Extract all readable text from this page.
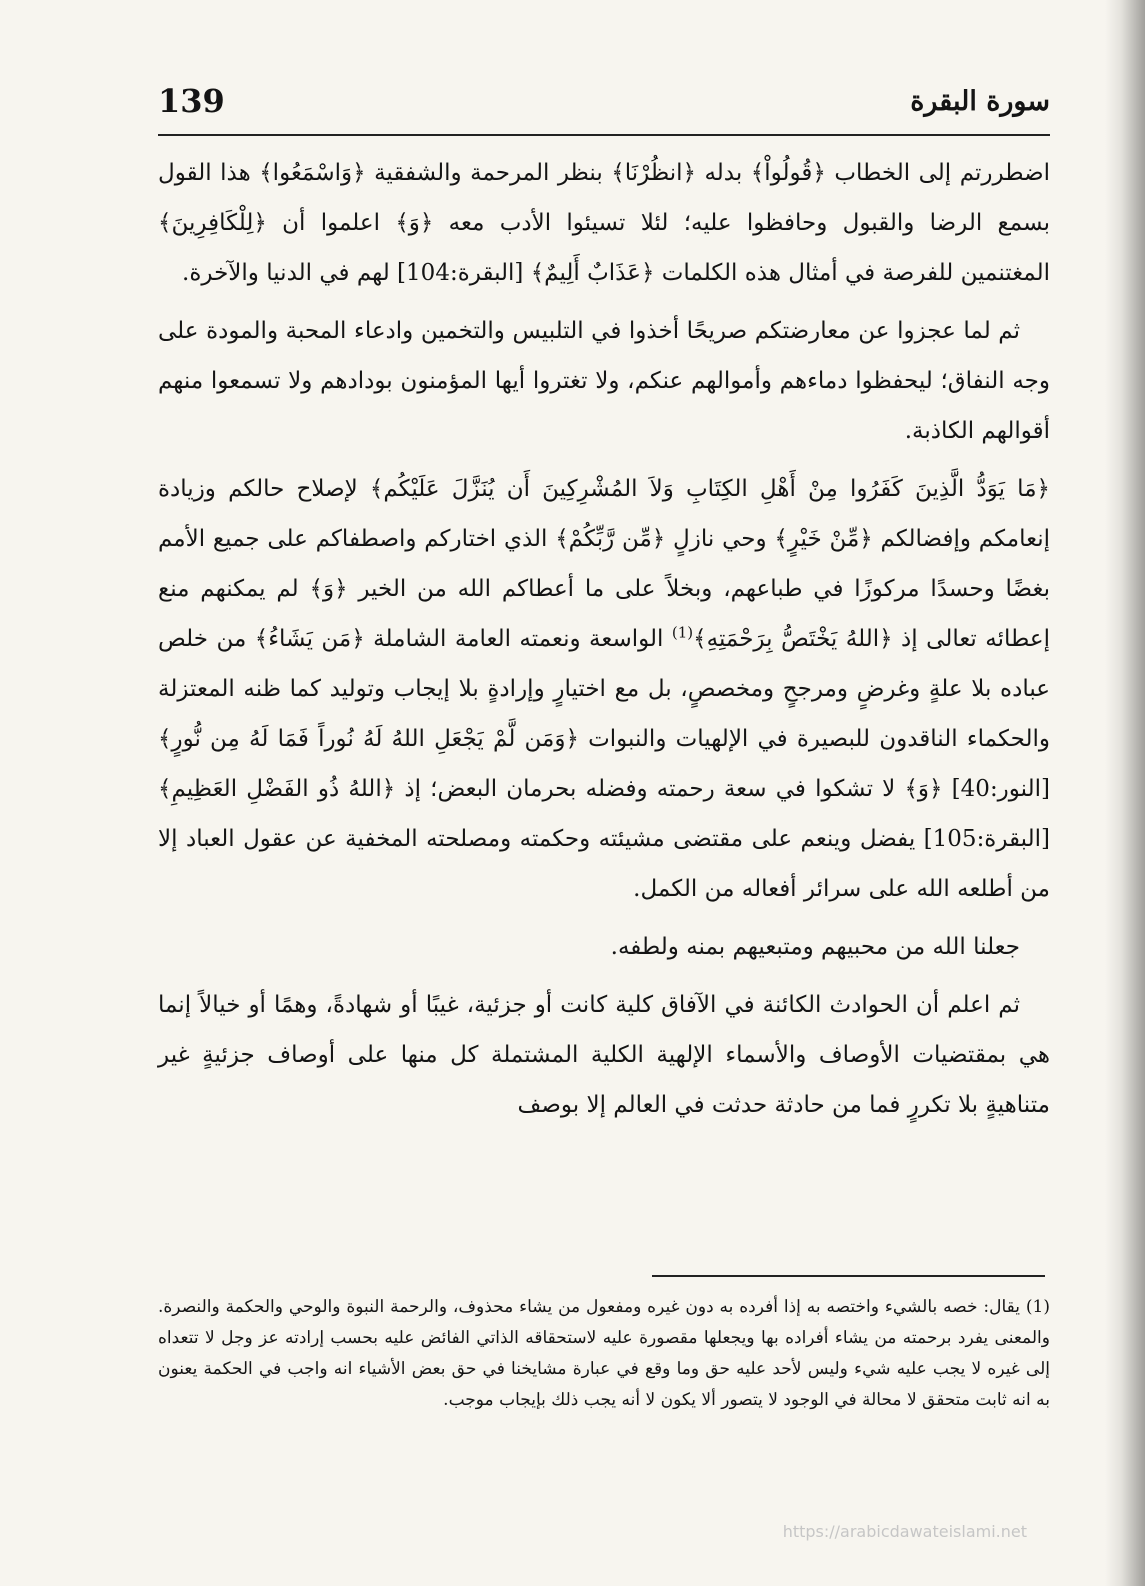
139	سورة البقرة

اضطررتم إلى الخطاب ﴿قُولُواْ﴾ بدله ﴿انظُرْنَا﴾ بنظر المرحمة والشفقية ﴿وَاسْمَعُوا﴾ هذا القول بسمع الرضا والقبول وحافظوا عليه؛ لئلا تسيئوا الأدب معه ﴿وَ﴾ اعلموا أن ﴿لِلْكَافِرِينَ﴾ المغتنمين للفرصة في أمثال هذه الكلمات ﴿عَذَابٌ أَلِيمٌ﴾ [البقرة:104] لهم في الدنيا والآخرة.

ثم لما عجزوا عن معارضتكم صريحًا أخذوا في التلبيس والتخمين وادعاء المحبة والمودة على وجه النفاق؛ ليحفظوا دماءهم وأموالهم عنكم، ولا تغتروا أيها المؤمنون بودادهم ولا تسمعوا منهم أقوالهم الكاذبة.

﴿مَا يَوَدُّ الَّذِينَ كَفَرُوا مِنْ أَهْلِ الكِتَابِ وَلاَ المُشْرِكِينَ أَن يُنَزَّلَ عَلَيْكُم﴾ لإصلاح حالكم وزيادة إنعامكم وإفضالكم ﴿مِّنْ خَيْرٍ﴾ وحي نازلٍ ﴿مِّن رَّبِّكُمْ﴾ الذي اختاركم واصطفاكم على جميع الأمم بغضًا وحسدًا مركوزًا في طباعهم، وبخلاً على ما أعطاكم الله من الخير ﴿وَ﴾ لم يمكنهم منع إعطائه تعالى إذ ﴿اللهُ يَخْتَصُّ بِرَحْمَتِهِ﴾$^{(1)}$ الواسعة ونعمته العامة الشاملة ﴿مَن يَشَاءُ﴾ من خلص عباده بلا علةٍ وغرضٍ ومرجحٍ ومخصصٍ، بل مع اختيارٍ وإرادةٍ بلا إيجاب وتوليد كما ظنه المعتزلة والحكماء الناقدون للبصيرة في الإلهيات والنبوات ﴿وَمَن لَّمْ يَجْعَلِ اللهُ لَهُ نُوراً فَمَا لَهُ مِن نُّورٍ﴾ [النور:40] ﴿وَ﴾ لا تشكوا في سعة رحمته وفضله بحرمان البعض؛ إذ ﴿اللهُ ذُو الفَضْلِ العَظِيمِ﴾ [البقرة:105] يفضل وينعم على مقتضى مشيئته وحكمته ومصلحته المخفية عن عقول العباد إلا من أطلعه الله على سرائر أفعاله من الكمل.

جعلنا الله من محبيهم ومتبعيهم بمنه ولطفه.

ثم اعلم أن الحوادث الكائنة في الآفاق كلية كانت أو جزئية، غيبًا أو شهادةً، وهمًا أو خيالاً إنما هي بمقتضيات الأوصاف والأسماء الإلهية الكلية المشتملة كل منها على أوصاف جزئيةٍ غير متناهيةٍ بلا تكررٍ فما من حادثة حدثت في العالم إلا بوصف

(1) يقال: خصه بالشيء واختصه به إذا أفرده به دون غيره ومفعول من يشاء محذوف، والرحمة النبوة والوحي والحكمة والنصرة. والمعنى يفرد برحمته من يشاء أفراده بها ويجعلها مقصورة عليه لاستحقاقه الذاتي الفائض عليه بحسب إرادته عز وجل لا تتعداه إلى غيره لا يجب عليه شيء وليس لأحد عليه حق وما وقع في عبارة مشايخنا في حق بعض الأشياء انه واجب في الحكمة يعنون به انه ثابت متحقق لا محالة في الوجود لا يتصور ألا يكون لا أنه يجب ذلك بإيجاب موجب.

https://arabicdawateislami.net
